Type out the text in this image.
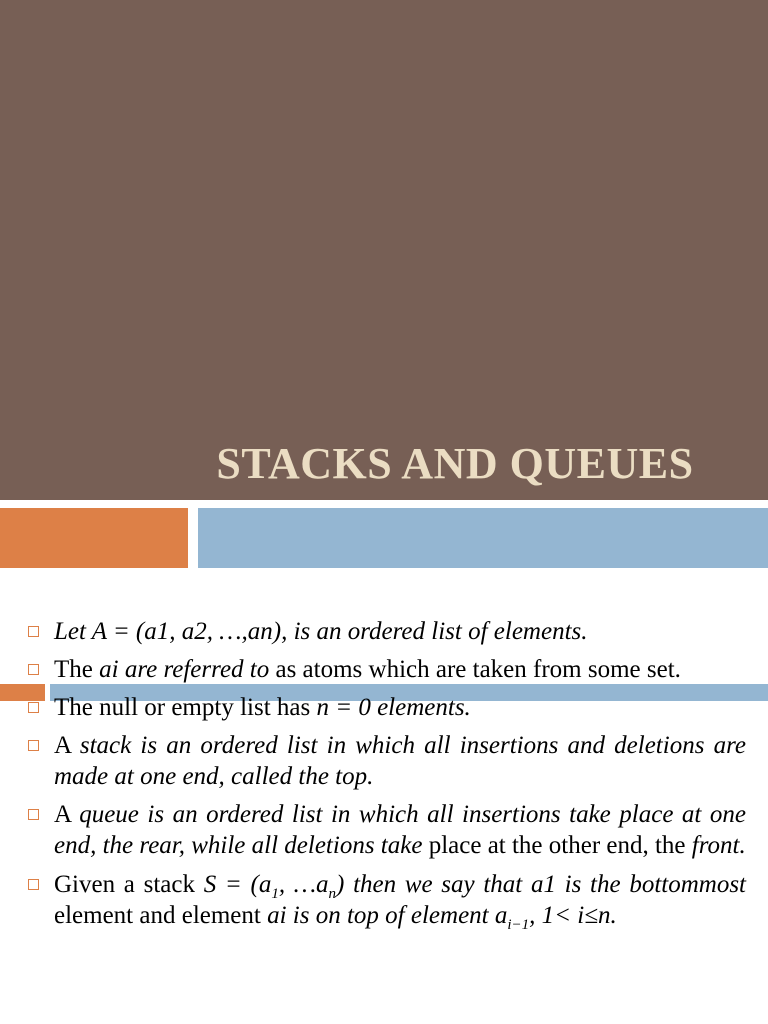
STACKS AND QUEUES
Let A = (a1, a2, …,an), is an ordered list of elements.
The ai are referred to as atoms which are taken from some set.
The null or empty list has n = 0 elements.
A stack is an ordered list in which all insertions and deletions are made at one end, called the top.
A queue is an ordered list in which all insertions take place at one end, the rear, while all deletions take place at the other end, the front.
Given a stack $S = (a_1$, $\dots a_n$) then we say that a1 is the bottommost element and element ai is on top of element $a_{i-1}$, 1< i≤n.
